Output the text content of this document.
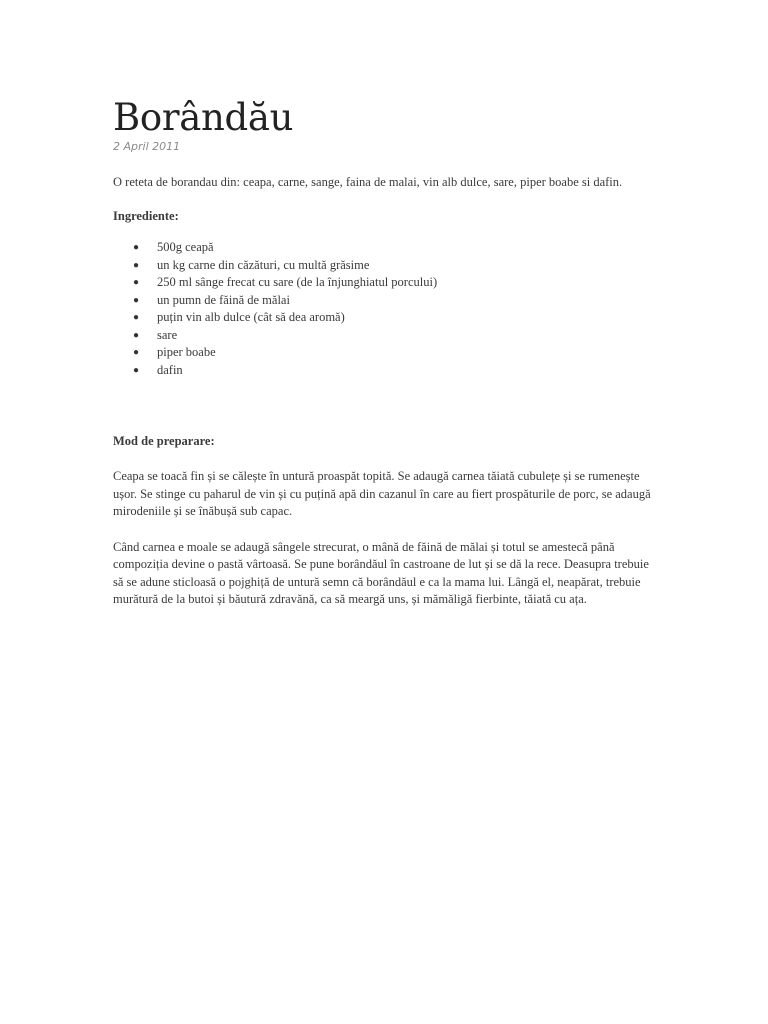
Borândău

2 April 2011

O reteta de borandau din: ceapa, carne, sange, faina de malai, vin alb dulce, sare, piper boabe si dafin.

Ingrediente:

● 500g ceapă
● un kg carne din căzături, cu multă grăsime
● 250 ml sânge frecat cu sare (de la înjunghiatul porcului)
● un pumn de făină de mălai
● puțin vin alb dulce (cât să dea aromă)
● sare
● piper boabe
● dafin

Mod de preparare:

Ceapa se toacă fin și se călește în untură proaspăt topită. Se adaugă carnea tăiată cubulețe și se rumenește ușor. Se stinge cu paharul de vin și cu puțină apă din cazanul în care au fiert prospăturile de porc, se adaugă mirodeniile și se înăbușă sub capac.

Când carnea e moale se adaugă sângele strecurat, o mână de făină de mălai și totul se amestecă până compoziția devine o pastă vârtoasă. Se pune borândăul în castroane de lut și se dă la rece. Deasupra trebuie să se adune sticloasă o pojghiță de untură semn că borândăul e ca la mama lui. Lângă el, neapărat, trebuie murătură de la butoi și băutură zdravănă, ca să meargă uns, și mămăligă fierbinte, tăiată cu ața.
